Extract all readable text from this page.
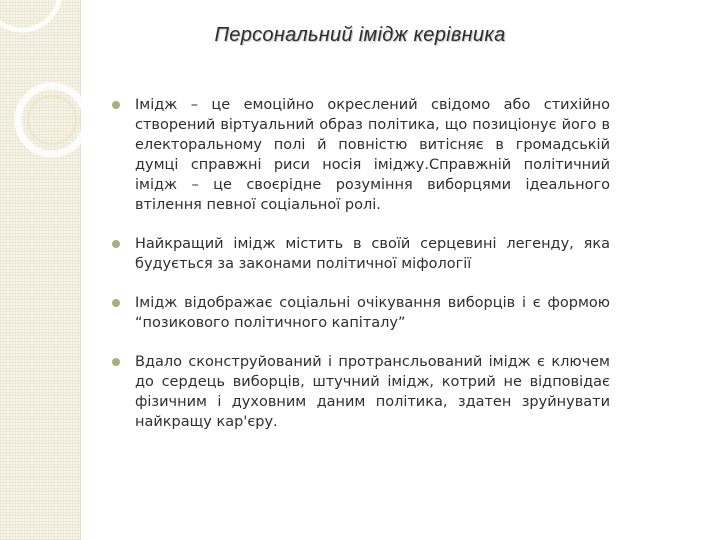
Персональний імідж керівника
Імідж – це емоційно окреслений свідомо або стихійно створений віртуальний образ політика, що позиціонує його в електоральному полі й повністю витісняє в громадській думці справжні риси носія іміджу.Справжній політичний імідж – це своєрідне розуміння виборцями ідеального втілення певної соціальної ролі.
Найкращий імідж містить в своїй серцевині легенду, яка будується за законами політичної міфології
Імідж відображає соціальні очікування виборців і є формою “позикового політичного капіталу”
Вдало сконструйований і протрансльований імідж є ключем до сердець виборців, штучний імідж, котрий не відповідає фізичним і духовним даним політика, здатен зруйнувати найкращу кар'єру.
